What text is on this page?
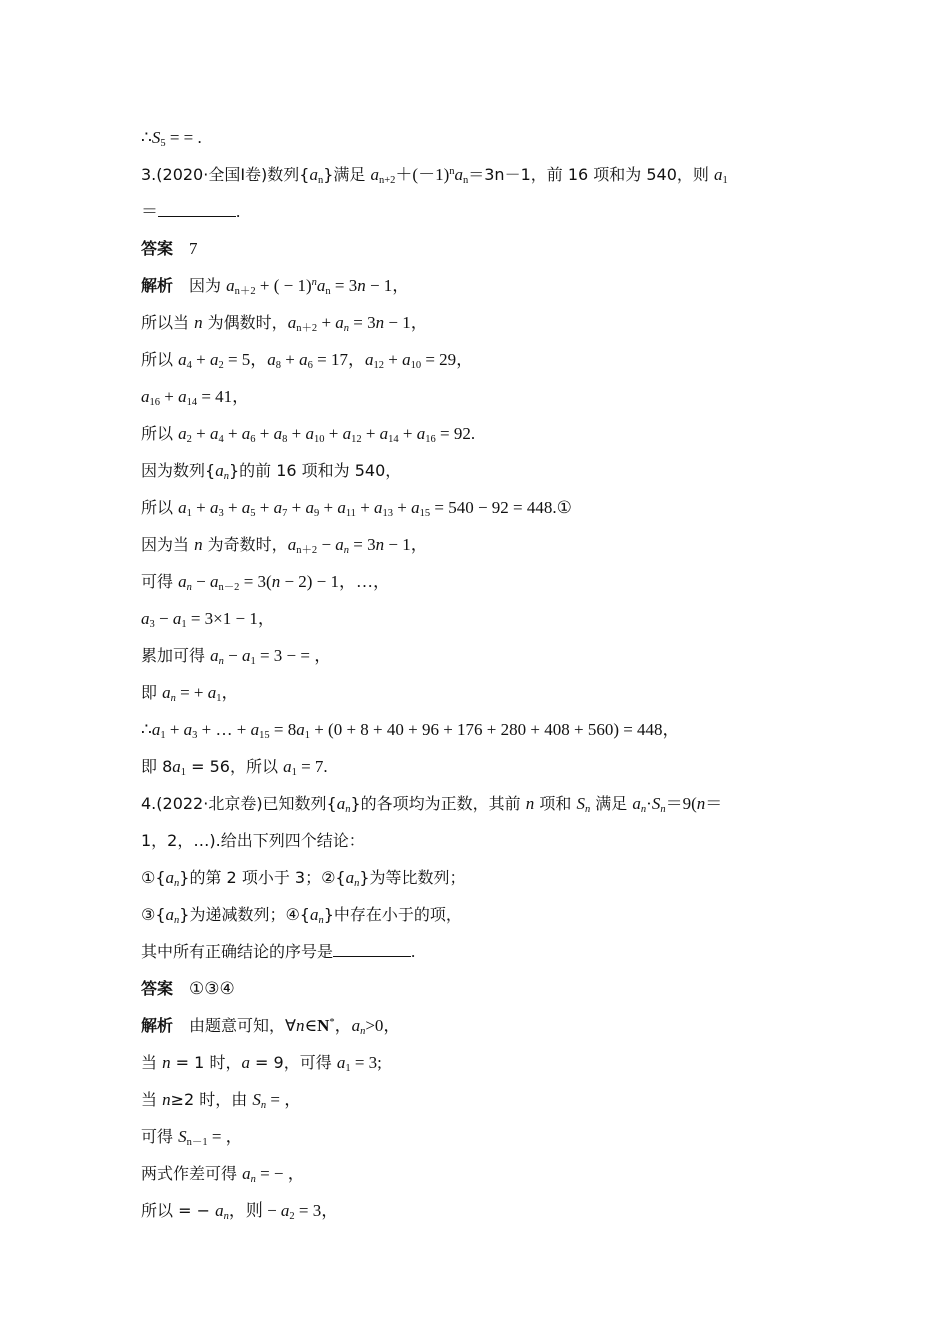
$\therefore S_5$ = = .
3.(2020·全国Ⅰ卷)数列$\{a_n\}$满足 $a_{n+2}+(-1)^na_n=3n-1$，前 16 项和为 540，则 $a_1$
＝	.
答案 7
解析 因为 $a_{n+2}$ + ( − $1)^na_n = 3n - 1$，
所以当 n 为偶数时，$a_{n+2} + a_n = 3n - 1$，
所以 $a_4 + a_2 = 5$，$a_8 + a_6 = 17$，$a_{12} + a_{10} = 29$，
$a_{16} + a_{14} = 41$，
所以 $a_2 + a_4 + a_6 + a_8 + a_{10} + a_{12} + a_{14} + a_{16} = 92$.
因为数列$\{a_n\}$的前 16 项和为 540，
所以 $a_1 + a_3 + a_5 + a_7 + a_9 + a_{11} + a_{13} + a_{15} = 540 - 92$ = 448.①
因为当 n 为奇数时，$a_{n+2} - a_n = 3n - 1$，
可得 $a_n - a_{n-2} = 3(n - 2) - 1$，…，
$a_3 - a_1 = 3\times 1 - 1$，
累加可得 $a_n - a_1 = 3$ − = ，
即 $a_n$ = + $a_1$，
$\therefore a_1 + a_3$ + … + $a_{15} = 8a_1 + (0 + 8 + 40 + 96 + 176 + 280 + 408 + 560) = 448$，
即 $8a_1 = 56$，所以 $a_1 = 7$.
4.(2022·北京卷)已知数列$\{a_n\}$的各项均为正数，其前 n 项和 $S_n$ 满足 $a_n\cdot S_n=9(n=$
1，2，…).给出下列四个结论：
$①\{a_n\}$的第 2 项小于 3；$②\{a_n\}$为等比数列；
$③\{a_n\}$为递减数列；$④\{a_n\}$中存在小于的项，
其中所有正确结论的序号是	.
答案 ①③④
解析 由题意可知，∀n∈N*，$a_n>0$，
当 n = 1 时，a = 9，可得 $a_1 = 3$;
当 n≥2 时，由 $S_n$ = ，
可得 $S_{n-1}$ = ，
两式作差可得 $a_n$ = − ，
所以 = − $a_n$，则 − $a_2 = 3$，
